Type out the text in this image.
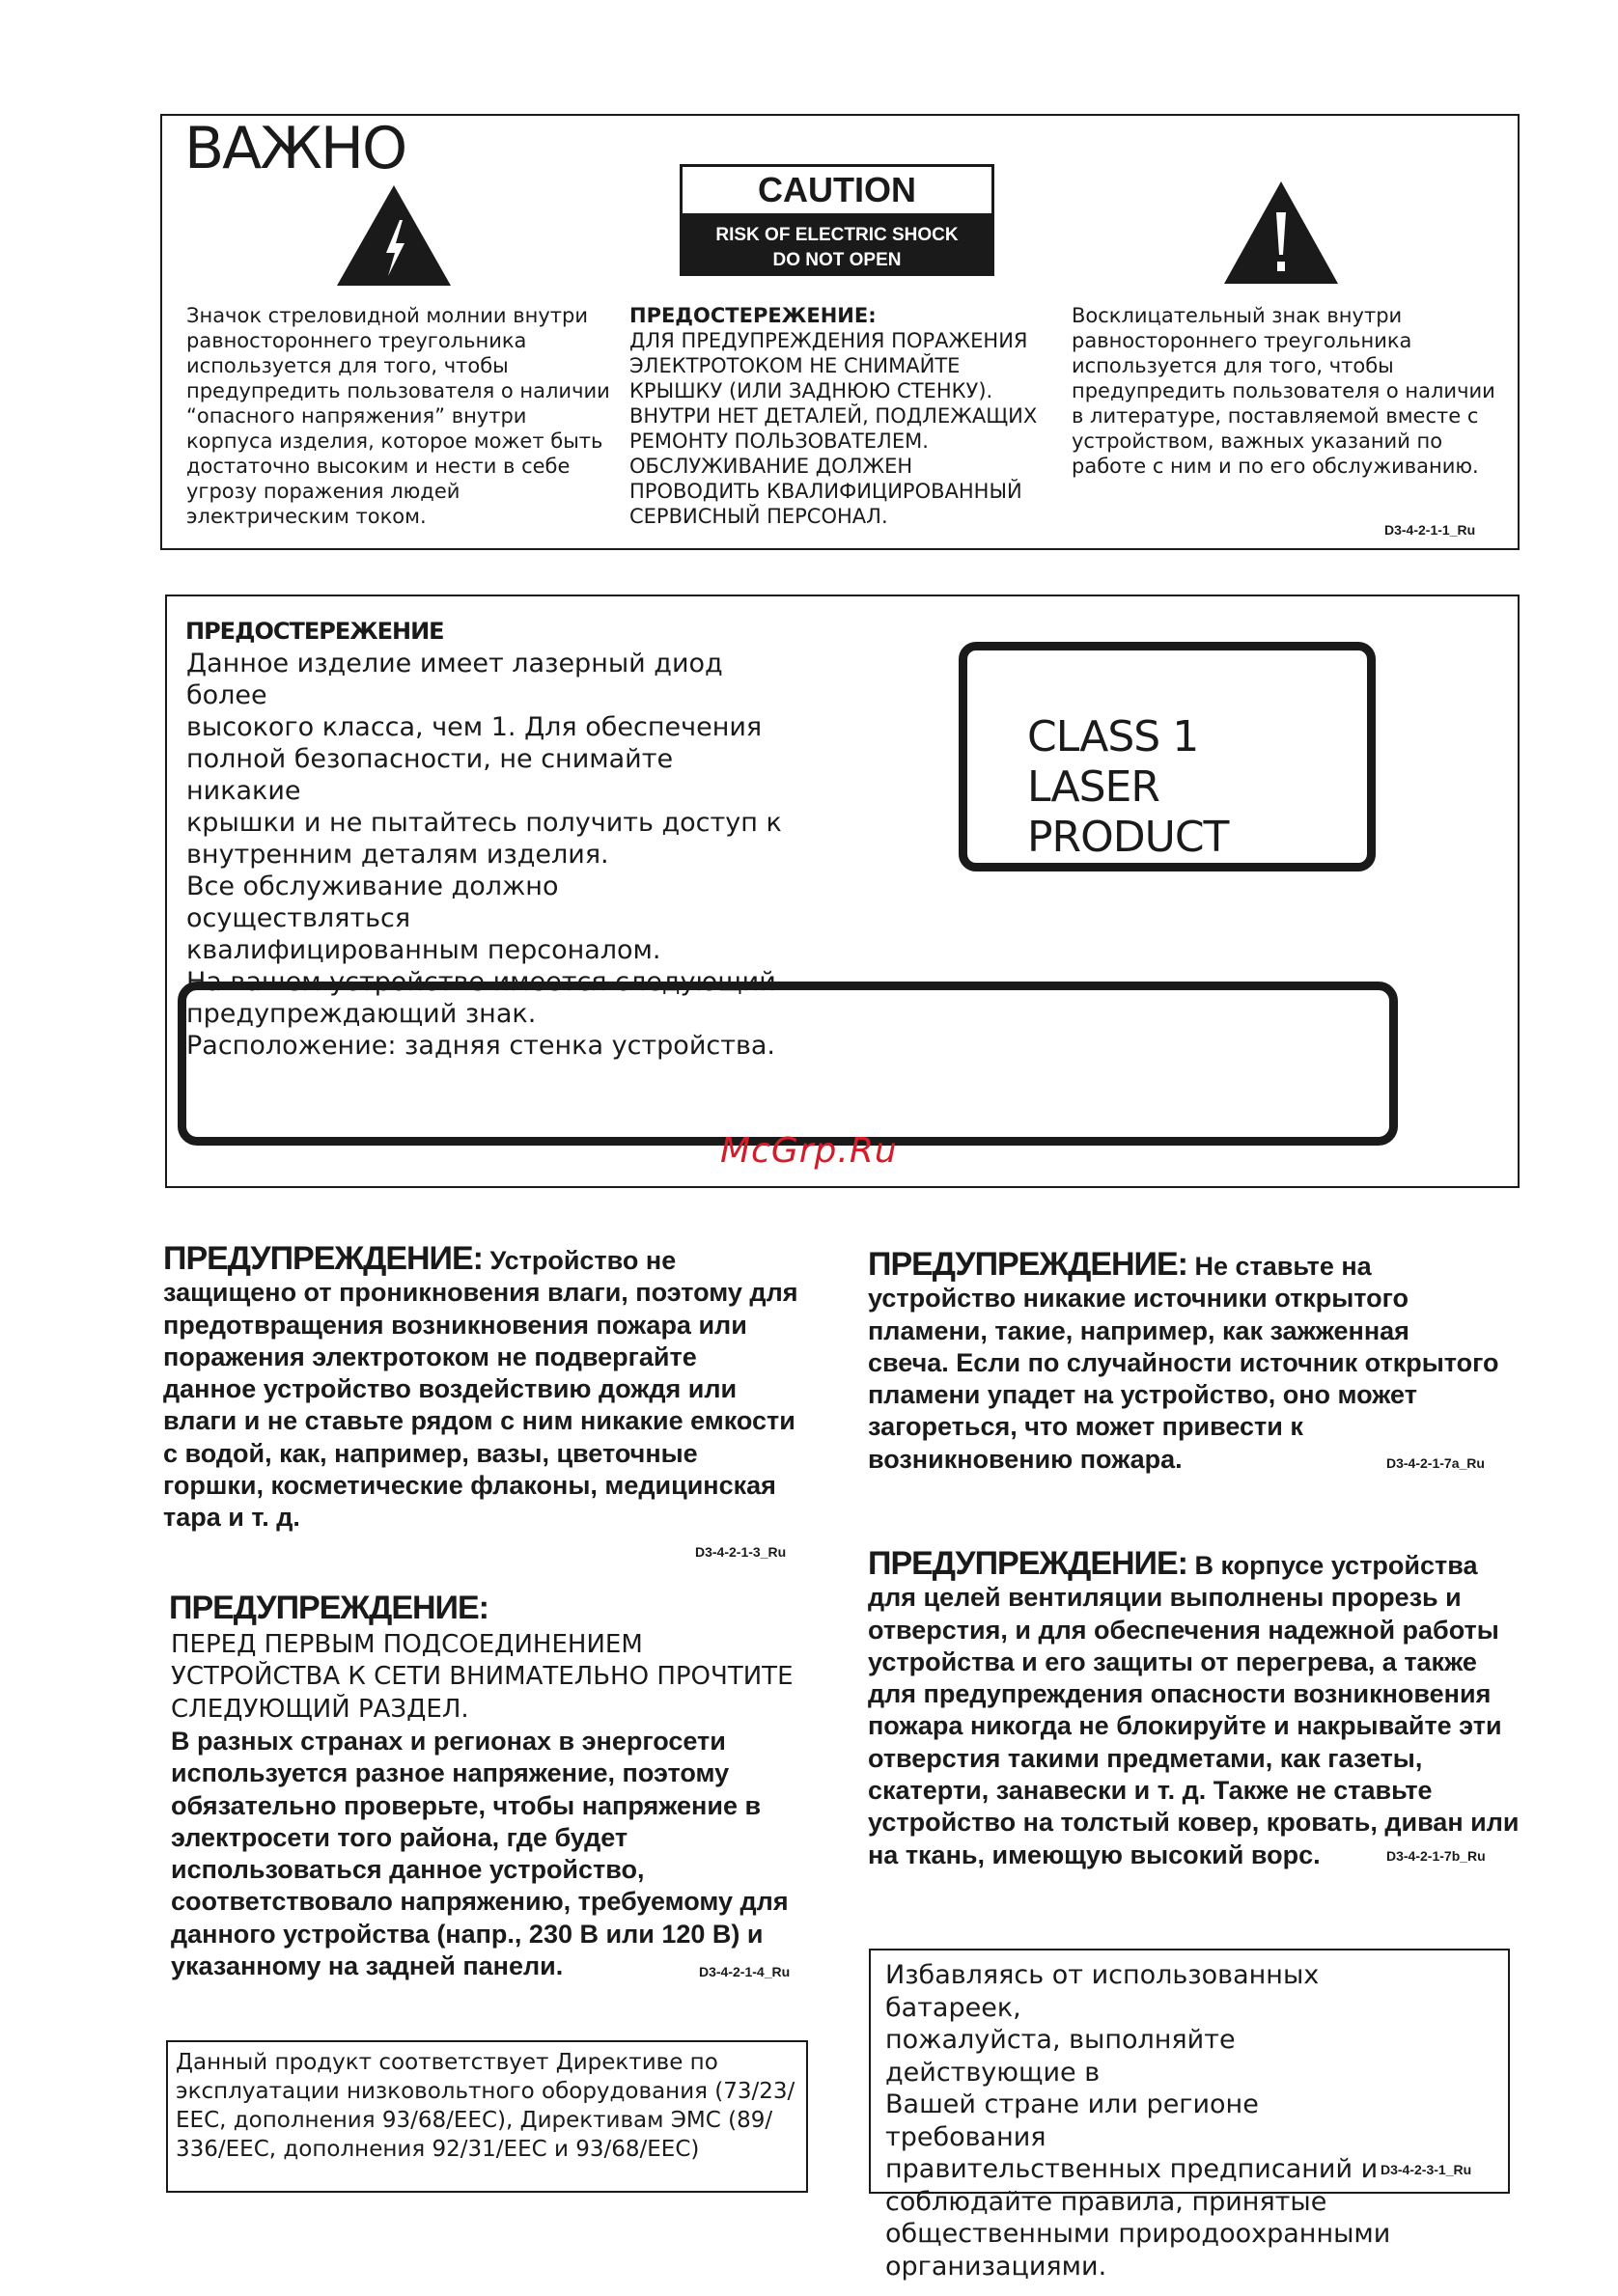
ВАЖНО
CAUTION
RISK OF ELECTRIC SHOCK
DO NOT OPEN
Значок стреловидной молнии внутри
равностороннего треугольника
используется для того, чтобы
предупредить пользователя о наличии
“опасного напряжения” внутри
корпуса изделия, которое может быть
достаточно высоким и нести в себе
угрозу поражения людей
электрическим током.
ПРЕДОСТЕРЕЖЕНИЕ:
ДЛЯ ПРЕДУПРЕЖДЕНИЯ ПОРАЖЕНИЯ
ЭЛЕКТРОТОКОМ НЕ СНИМАЙТЕ
КРЫШКУ (ИЛИ ЗАДНЮЮ СТЕНКУ).
ВНУТРИ НЕТ ДЕТАЛЕЙ, ПОДЛЕЖАЩИХ
РЕМОНТУ ПОЛЬЗОВАТЕЛЕМ.
ОБСЛУЖИВАНИЕ ДОЛЖЕН
ПРОВОДИТЬ КВАЛИФИЦИРОВАННЫЙ
СЕРВИСНЫЙ ПЕРСОНАЛ.
Восклицательный знак внутри
равностороннего треугольника
используется для того, чтобы
предупредить пользователя о наличии
в литературе, поставляемой вместе с
устройством, важных указаний по
работе с ним и по его обслуживанию.
D3-4-2-1-1_Ru
ПРЕДОСТЕРЕЖЕНИЕ
Данное изделие имеет лазерный диод более
высокого класса, чем 1. Для обеспечения
полной безопасности, не снимайте никакие
крышки и не пытайтесь получить доступ к
внутренним деталям изделия.
Все обслуживание должно осуществляться
квалифицированным персоналом.
На вашем устройстве имеется следующий
предупреждающий знак.
Расположение: задняя стенка устройства.
CLASS 1
LASER PRODUCT
McGrp.Ru
ПРЕДУПРЕЖДЕНИЕ: Устройство не
защищено от проникновения влаги, поэтому для
предотвращения возникновения пожара или
поражения электротоком не подвергайте
данное устройство воздействию дождя или
влаги и не ставьте рядом с ним никакие емкости
с водой, как, например, вазы, цветочные
горшки, косметические флаконы, медицинская
тара и т. д.
D3-4-2-1-3_Ru
ПРЕДУПРЕЖДЕНИЕ:
ПЕРЕД ПЕРВЫМ ПОДСОЕДИНЕНИЕМ
УСТРОЙСТВА К СЕТИ ВНИМАТЕЛЬНО ПРОЧТИТЕ
СЛЕДУЮЩИЙ РАЗДЕЛ.
В разных странах и регионах в энергосети
используется разное напряжение, поэтому
обязательно проверьте, чтобы напряжение в
электросети того района, где будет
использоваться данное устройство,
соответствовало напряжению, требуемому для
данного устройства (напр., 230 В или 120 В) и
указанному на задней панели.	D3-4-2-1-4_Ru
ПРЕДУПРЕЖДЕНИЕ: Не ставьте на
устройство никакие источники открытого
пламени, такие, например, как зажженная
свеча. Если по случайности источник открытого
пламени упадет на устройство, оно может
загореться, что может привести к
возникновению пожара.	D3-4-2-1-7a_Ru
ПРЕДУПРЕЖДЕНИЕ: В корпусе устройства
для целей вентиляции выполнены прорезь и
отверстия, и для обеспечения надежной работы
устройства и его защиты от перегрева, а также
для предупреждения опасности возникновения
пожара никогда не блокируйте и накрывайте эти
отверстия такими предметами, как газеты,
скатерти, занавески и т. д. Также не ставьте
устройство на толстый ковер, кровать, диван или
на ткань, имеющую высокий ворс.	D3-4-2-1-7b_Ru
Данный продукт соответствует Директиве по
эксплуатации низковольтного оборудования (73/23/
EEC, дополнения 93/68/EEC), Директивам ЭМС (89/
336/EEC, дополнения 92/31/EEC и 93/68/EEC)
Избавляясь от использованных батареек,
пожалуйста, выполняйте действующие в
Вашей стране или регионе требования
правительственных предписаний и
соблюдайте правила, принятые
общественными природоохранными
организациями.
D3-4-2-3-1_Ru
